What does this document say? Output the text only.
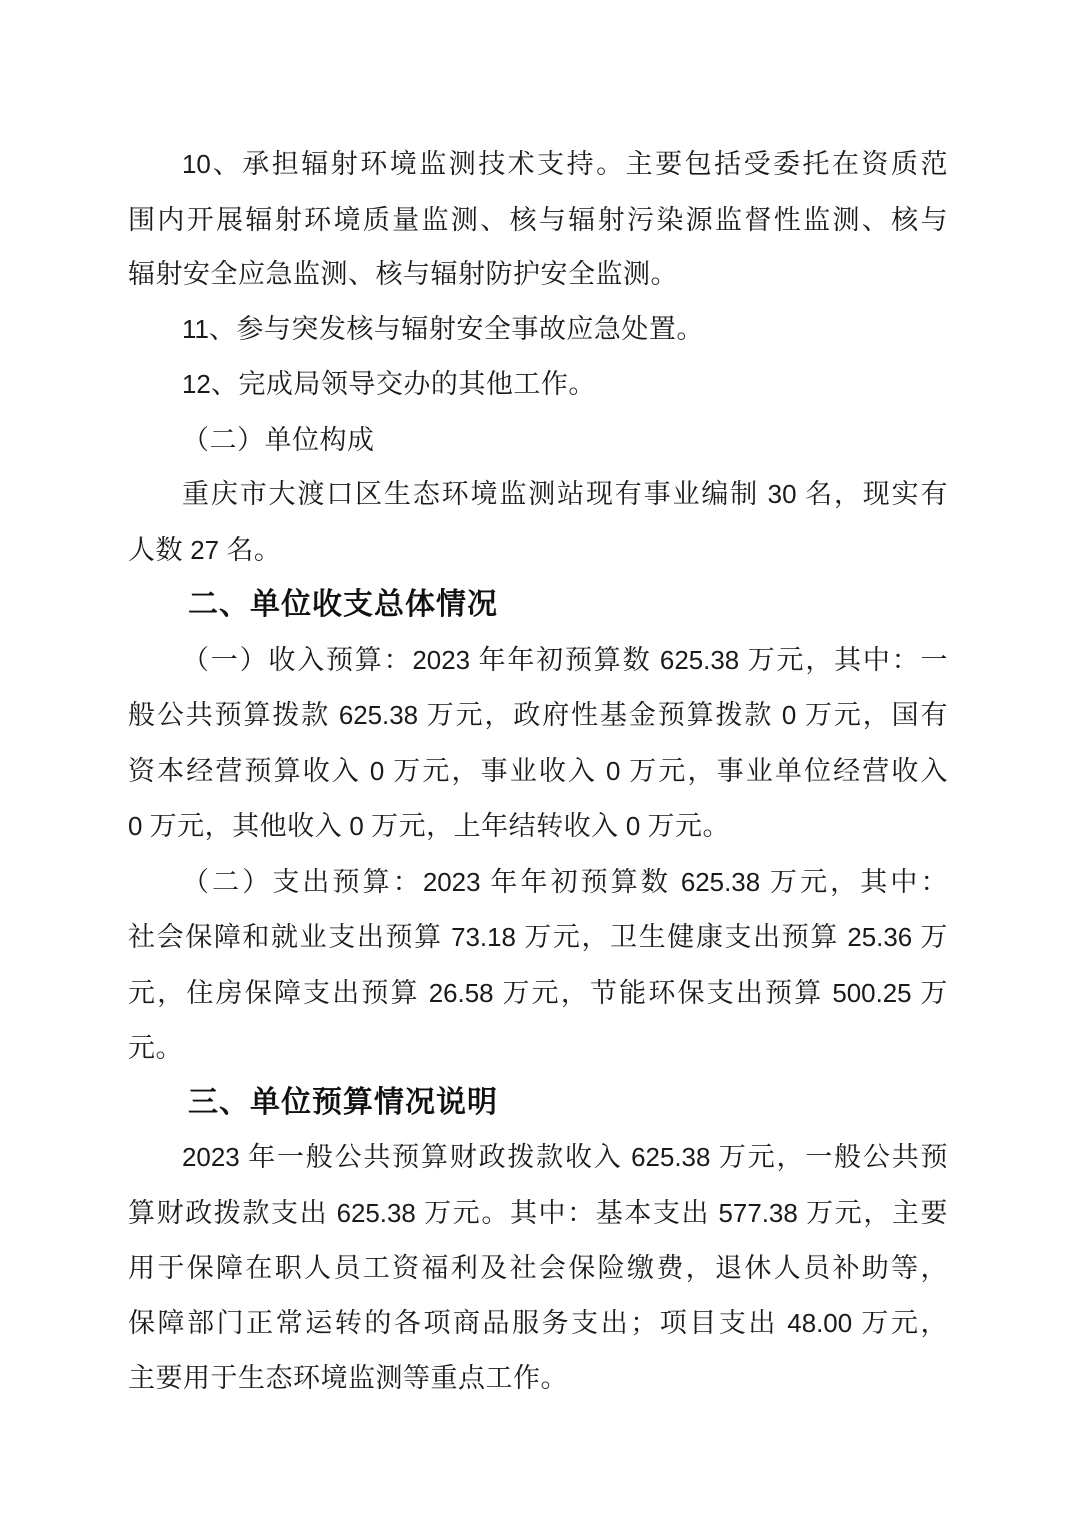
10、承担辐射环境监测技术支持。主要包括受委托在资质范
围内开展辐射环境质量监测、核与辐射污染源监督性监测、核与
辐射安全应急监测、核与辐射防护安全监测。
11、参与突发核与辐射安全事故应急处置。
12、完成局领导交办的其他工作。
（二）单位构成
重庆市大渡口区生态环境监测站现有事业编制 30 名，现实有
人数 27 名。
二、单位收支总体情况
（一）收入预算：2023 年年初预算数 625.38 万元，其中：一
般公共预算拨款 625.38 万元，政府性基金预算拨款 0 万元，国有
资本经营预算收入 0 万元，事业收入 0 万元，事业单位经营收入
0 万元，其他收入 0 万元，上年结转收入 0 万元。
（二）支出预算：2023 年年初预算数 625.38 万元，其中：
社会保障和就业支出预算 73.18 万元，卫生健康支出预算 25.36 万
元，住房保障支出预算 26.58 万元，节能环保支出预算 500.25 万
元。
三、单位预算情况说明
2023 年一般公共预算财政拨款收入 625.38 万元，一般公共预
算财政拨款支出 625.38 万元。其中：基本支出 577.38 万元，主要
用于保障在职人员工资福利及社会保险缴费，退休人员补助等，
保障部门正常运转的各项商品服务支出；项目支出 48.00 万元，
主要用于生态环境监测等重点工作。
